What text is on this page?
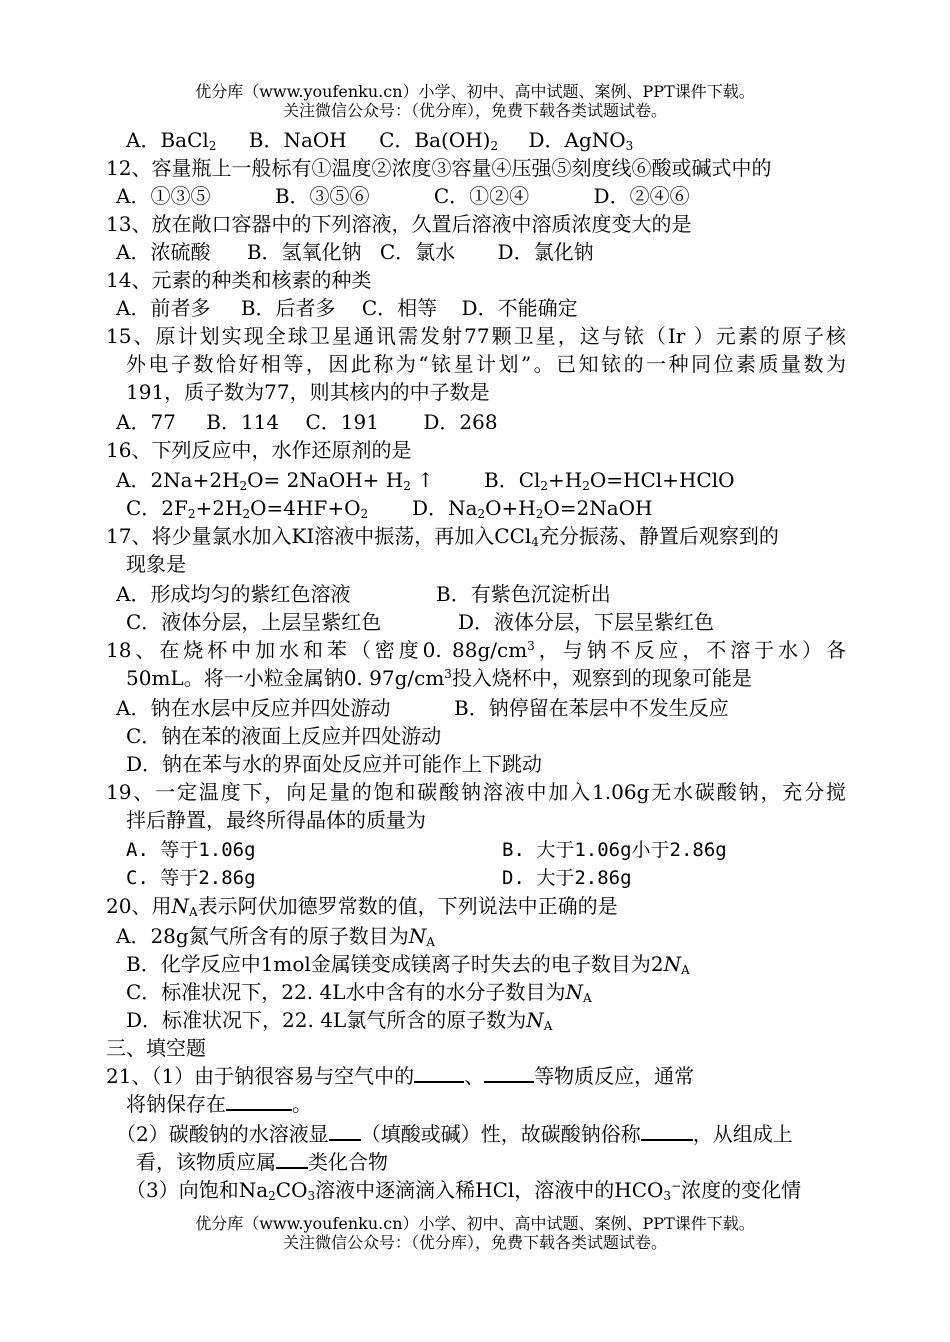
优分库（www.youfenku.cn）小学、初中、高中试题、案例、PPT课件下载。
关注微信公众号：（优分库），免费下载各类试题试卷。
A．BaCl$_2$ B．NaOH C．$Ba(OH)_2$ D．AgNO$_3$
12、容量瓶上一般标有①温度②浓度③容量④压强⑤刻度线⑥酸或碱式中的
A．①③⑤	B．③⑤⑥	C．①②④	D．②④⑥
13、放在敞口容器中的下列溶液，久置后溶液中溶质浓度变大的是
A．浓硫酸 B．氢氧化钠 C．氯水 D．氯化钠
14、元素的种类和核素的种类
A．前者多 B．后者多 C．相等 D．不能确定
15、原计划实现全球卫星通讯需发射77颗卫星，这与铱（Ir ）元素的原子核
外电子数恰好相等，因此称为“铱星计划”。已知铱的一种同位素质量数为
191，质子数为77，则其核内的中子数是
A．77 B．114 C．191 D．268
16、下列反应中，水作还原剂的是
A．$2Na+2H_2O=$ 2NaOH+ $H_2$ ↑	B．$Cl_2+H_2O=HCl+HClO$
C．$2F_2+2H_2O=4HF+O_2$ D．$Na_2O+H_2O=2NaOH$
17、将少量氯水加入KI溶液中振荡，再加入CCl$_4$充分振荡、静置后观察到的
现象是
A．形成均匀的紫红色溶液	B．有紫色沉淀析出
C．液体分层，上层呈紫红色	D．液体分层，下层呈紫红色
18、在烧杯中加水和苯（密度0. $88g/cm^3$，与钠不反应，不溶于水）各
50mL。将一小粒金属钠0. $97g/cm^3$投入烧杯中，观察到的现象可能是
A．钠在水层中反应并四处游动	B．钠停留在苯层中不发生反应
C．钠在苯的液面上反应并四处游动
D．钠在苯与水的界面处反应并可能作上下跳动
19、一定温度下，向足量的饱和碳酸钠溶液中加入1.06g无水碳酸钠，充分搅
拌后静置，最终所得晶体的质量为
A. 等于1.06g	B. 大于1.06g小于2.86g
C. 等于2.86g	D. 大于2.86g
20、用$N_A$表示阿伏加德罗常数的值，下列说法中正确的是
A．28g氮气所含有的原子数目为$N_A$
B．化学反应中1mol金属镁变成镁离子时失去的电子数目为$2N_A$
C．标准状况下，22. 4L水中含有的水分子数目为$N_A$
D．标准状况下，22. 4L氯气所含的原子数为$N_A$
三、填空题
21、（1）由于钠很容易与空气中的	、	等物质反应，通常
将钠保存在	。
（2）碳酸钠的水溶液显 （填酸或碱）性，故碳酸钠俗称	，从组成上
看，该物质应属 类化合物
（3）向饱和$Na_2CO_3$溶液中逐滴滴入稀HCl，溶液中的$HCO_3^-$浓度的变化情
优分库（www.youfenku.cn）小学、初中、高中试题、案例、PPT课件下载。
关注微信公众号：（优分库），免费下载各类试题试卷。
